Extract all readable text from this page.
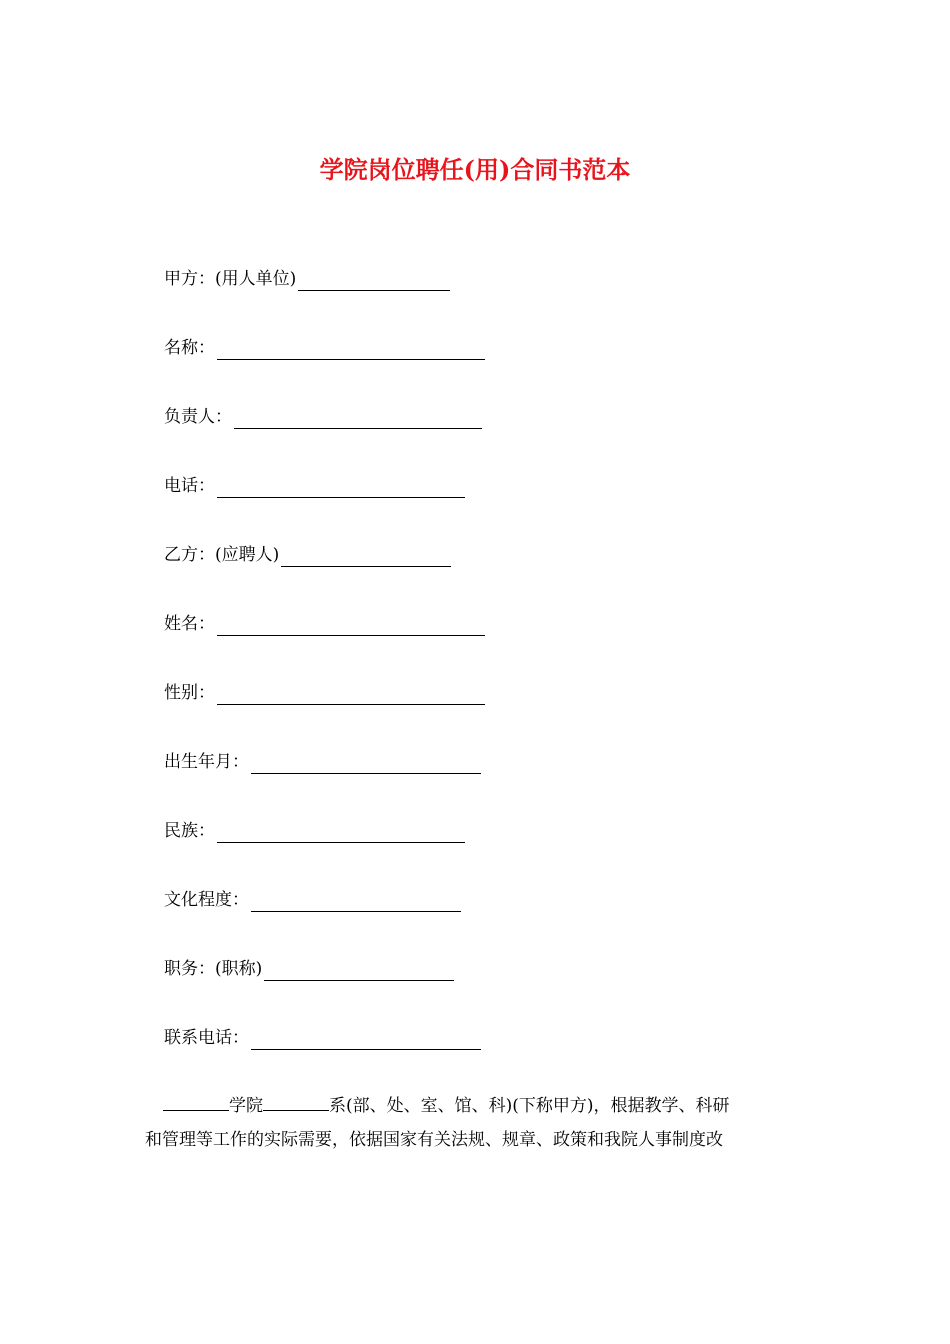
学院岗位聘任(用)合同书范本
甲方：(用人单位)
名称：
负责人：
电话：
乙方：(应聘人)
姓名：
性别：
出生年月：
民族：
文化程度：
职务：(职称)
联系电话：
学院	系(部、处、室、馆、科)(下称甲方)，根据教学、科研
和管理等工作的实际需要，依据国家有关法规、规章、政策和我院人事制度改
